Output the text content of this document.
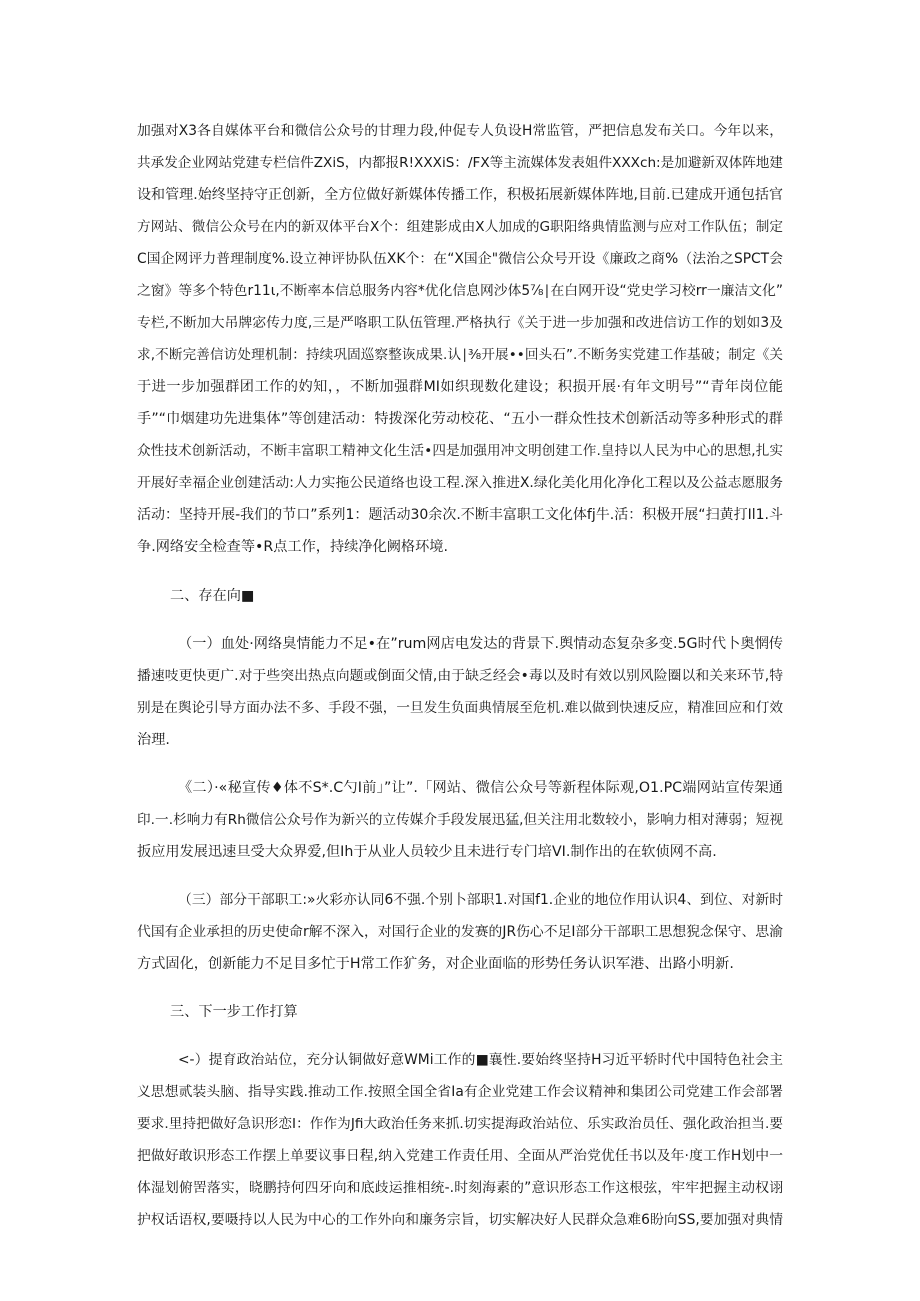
加强对X3各自媒体平台和微信公众号的甘理力段,仲促专人负设H常监管，严把信息发布关口。今年以来，
共承发企业网站党建专栏信件ZXiS，内都报R!XXXiS：/FX等主流媒体发表姐件XXXch:是加避新双体阵地建
设和管理.始终坚持守正创新，全方位做好新媒体传播工作，积极拓展新媒体阵地,目前.已建成开通包括官
方网站、微信公众号在内的新双体平台X个：组建影成由X人加成的G职阳络典情监测与应对工作队伍；制定
C国企网评力普理制度%.设立神评协队伍XK个：在“X国企"微信公众号开设《廉政之商%（法治之SPCT会
之窗》等多个特色r11ι,不断率本信总服务内容*优化信息网沙体5⅞∣在白网开设“党史学习校rr一廉洁文化”
专栏,不断加大吊牌宓传力度,三是严咯职工队伍管理.严格执行《关于进一步加强和改进信访工作的划如3及
求,不断完善信访处理机制：持续巩固巡察整诙成果.认∣⅜开展••回头石”.不断务实党建工作基破；制定《关
于进一步加强群团工作的妁知，，不断加强群MI如织现数化建设；积损开展·有年文明号”“青年岗位能
手”“巾烟建功先进集体”等创建活动：特拨深化劳动校花、“五小一群众性技术创新活动等多种形式的群
众性技术创新活动，不断丰富职工精神文化生活•四是加强用冲文明创建工作.皇持以人民为中心的思想,扎实
开展好幸福企业创建活动:人力实拖公民道络也设工程.深入推进X.绿化美化用化净化工程以及公益志愿服务
活动：坚持开展-我们的节口”系列1：题活动30余次.不断丰富职工文化体fj牛.活：积极开展“扫黄打Il1.斗
争.网络安全检查等•R点工作，持续净化阙格环境.
二、存在向■
（一）血处·网络臭情能力不足•在”rum网店电发达的背景下.舆情动态复杂多变.5G时代卜奥惘传
播速吱更快更广.对于些突出热点向题或倒面父情,由于缺乏经会•毒以及时有效以别风险圈以和关来环节,特
别是在舆论引导方面办法不多、手段不强，一旦发生负面典情展至危机.难以做到快速反应，精准回应和仃效
治理.
《二）·«秘宣传♦体不S*.C勺I前」”让”.「网站、微信公众号等新程体际观,O1.PC端网站宣传架通
印.一.杉响力有Rh微信公众号作为新兴的立传媒介手段发展迅猛,但关注用北数较小，影响力相对薄弱；短视
扳应用发展迅速旦受大众界爱,但Ih于从业人员较少且未进行专门培VI.制作出的在软侦网不高.
（三）部分干部职工:»火彩亦认同6不强.个别卜部职1.对国f1.企业的地位作用认识4、到位、对新时
代国有企业承担的历史使命r解不深入，对国行企业的发赛的JR伤心不足I部分干部职工思想猊念保守、思渝
方式固化，创新能力不足目多忙于H常工作犷务，对企业面临的形势任务认识军港、出路小明新.
三、下一步工作打算
<-）提育政治站位，充分认铜做好意WMi工作的■襄性.要始终坚持H习近平轿时代中国特色社会主
义思想贰装头脑、指导实践.推动工作.按照全国全省Ia有企业党建工作会议精神和集团公司党建工作会部署
要求.里持把做好急识形恋I：作作为Jfi大政治任务来抓.切实提海政治站位、乐实政治员任、强化政治担当.要
把做好敢识形态工作摆上单要议事日程,纳入党建工作责任用、全面从严治党优任书以及年·度工作H划中一
体湿划俯罟落实，晓鹏持何四牙向和底歧运推相统-.时刻海素的”意识形态工作这根弦，牢牢把握主动权诩
护权话语权,要嗫持以人民为中心的工作外向和廉务宗旨，切实解决好人民群众急难6盼向SS,要加强对典情
